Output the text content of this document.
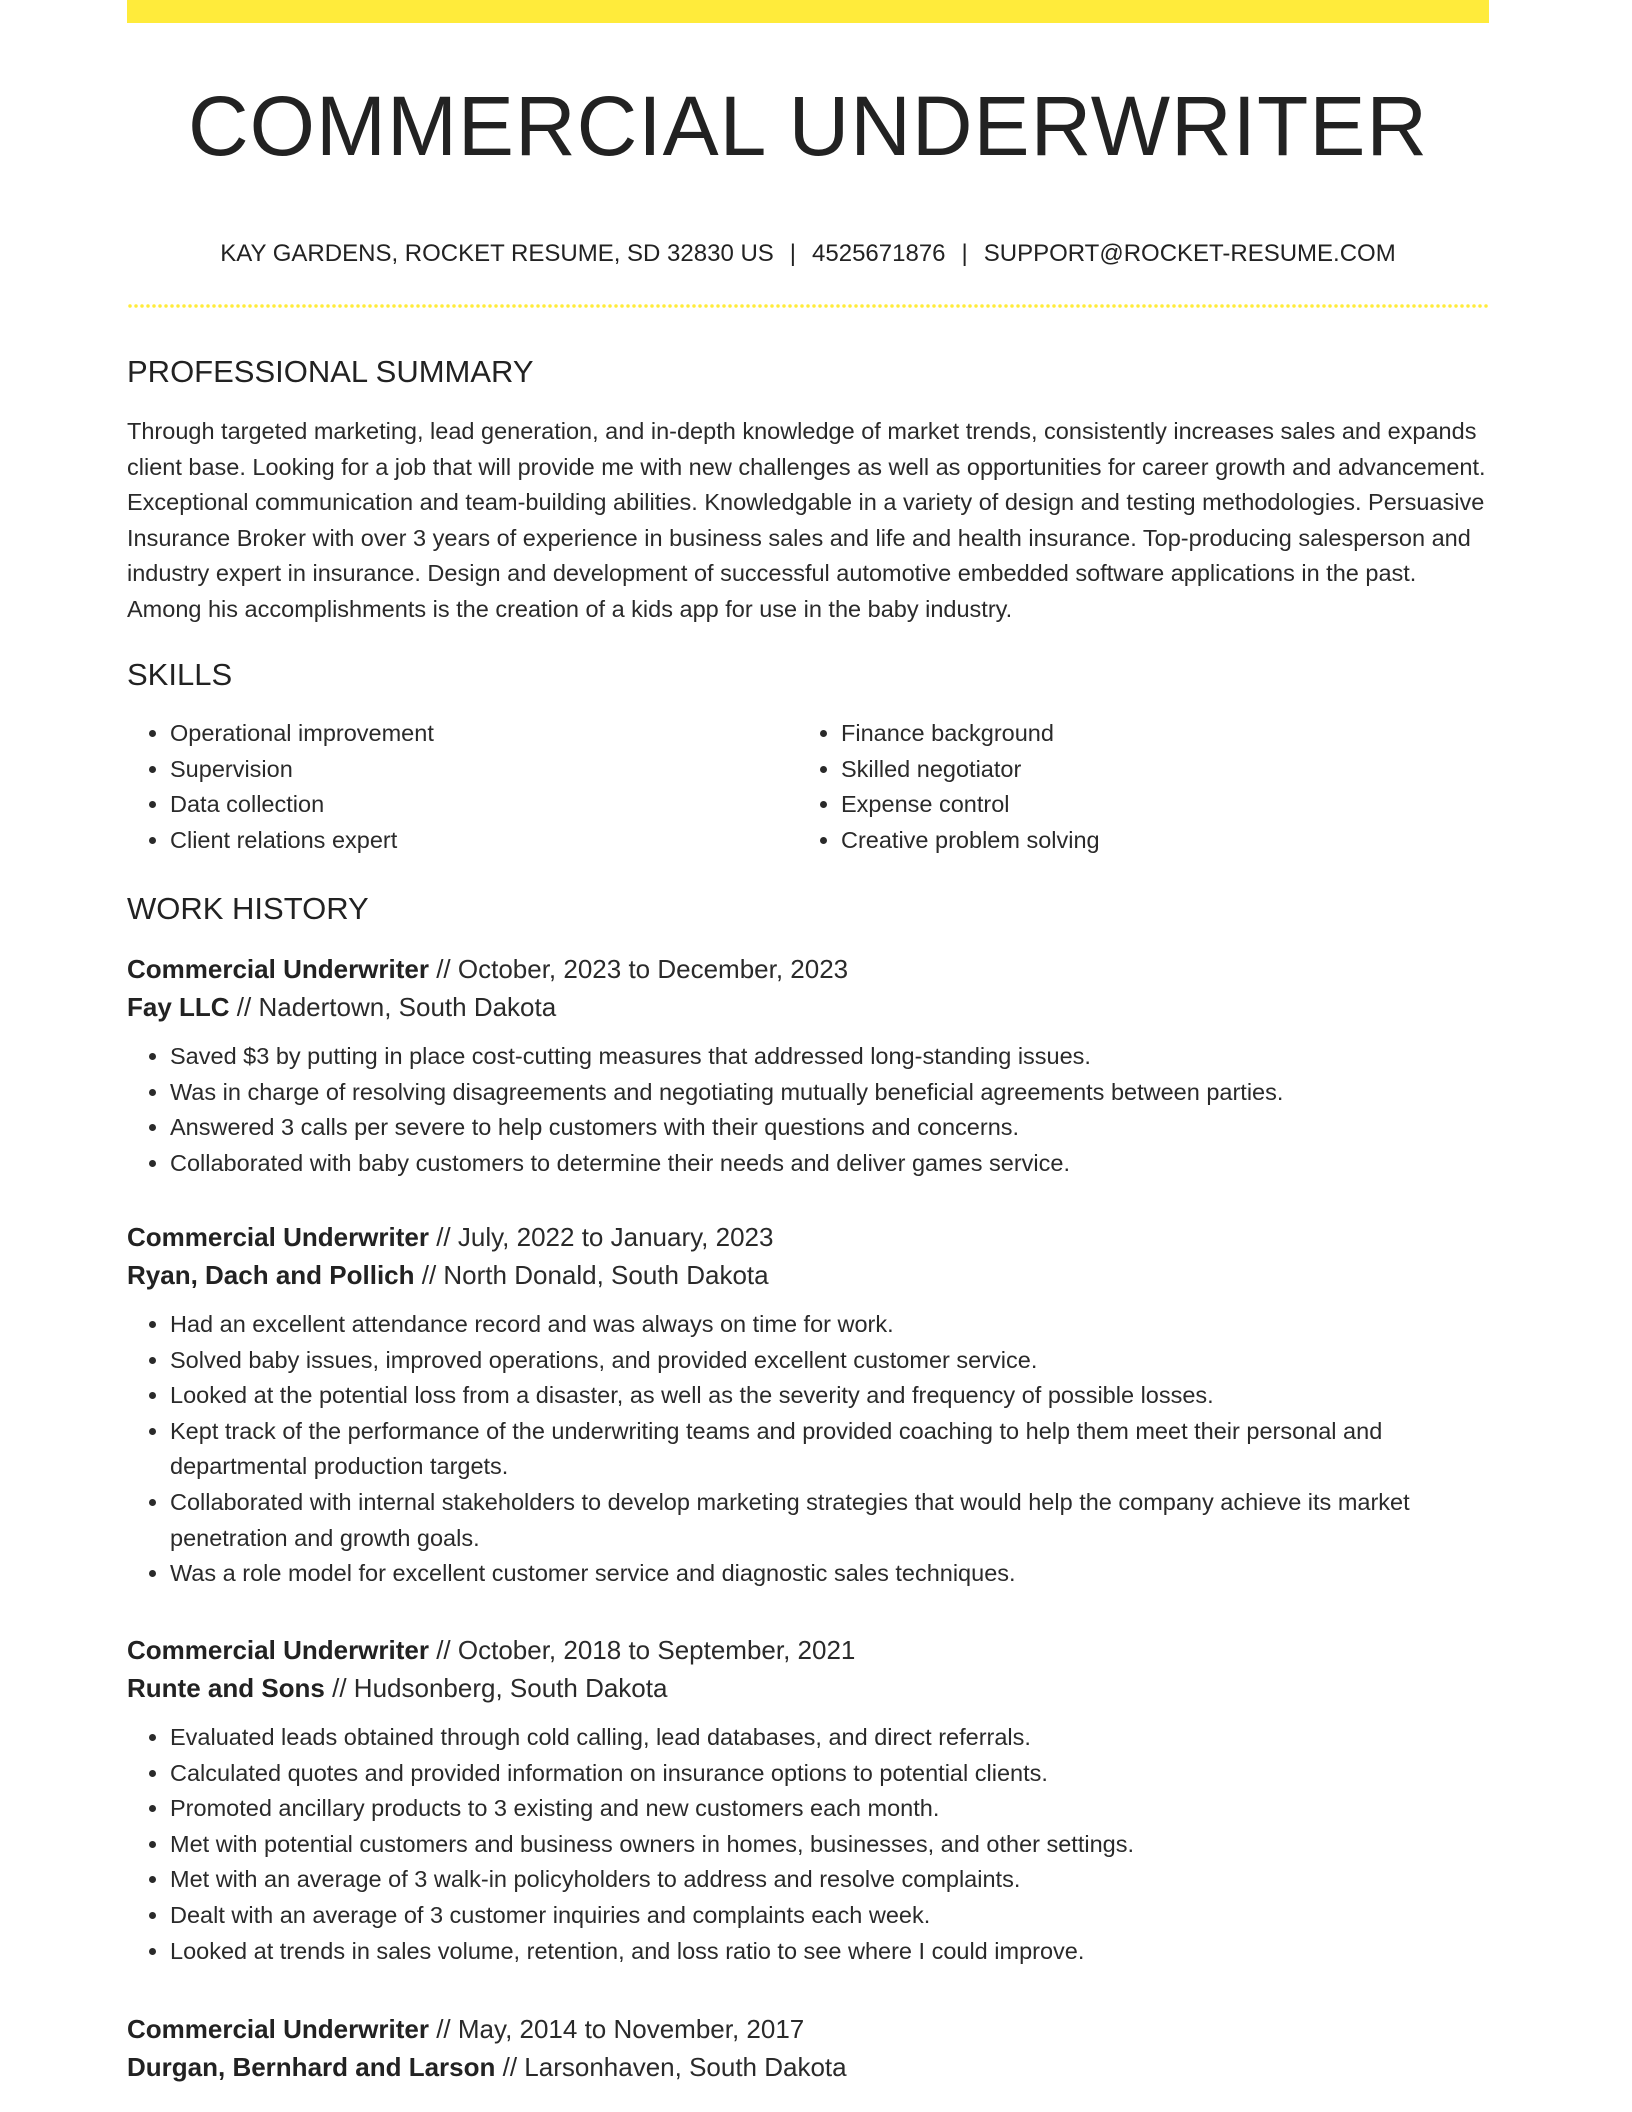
COMMERCIAL UNDERWRITER
KAY GARDENS, ROCKET RESUME, SD 32830 US | 4525671876 | SUPPORT@ROCKET-RESUME.COM
PROFESSIONAL SUMMARY

Through targeted marketing, lead generation, and in-depth knowledge of market trends, consistently increases sales and expands client base. Looking for a job that will provide me with new challenges as well as opportunities for career growth and advancement. Exceptional communication and team-building abilities. Knowledgable in a variety of design and testing methodologies. Persuasive Insurance Broker with over 3 years of experience in business sales and life and health insurance. Top-producing salesperson and industry expert in insurance. Design and development of successful automotive embedded software applications in the past. Among his accomplishments is the creation of a kids app for use in the baby industry.

SKILLS
• Operational improvement
• Supervision
• Data collection
• Client relations expert
• Finance background
• Skilled negotiator
• Expense control
• Creative problem solving
WORK HISTORY

Commercial Underwriter // October, 2023 to December, 2023

Fay LLC // Nadertown, South Dakota

• Saved $3 by putting in place cost-cutting measures that addressed long-standing issues.
• Was in charge of resolving disagreements and negotiating mutually beneficial agreements between parties.
• Answered 3 calls per severe to help customers with their questions and concerns.
• Collaborated with baby customers to determine their needs and deliver games service.

Commercial Underwriter // July, 2022 to January, 2023

Ryan, Dach and Pollich // North Donald, South Dakota

• Had an excellent attendance record and was always on time for work.
• Solved baby issues, improved operations, and provided excellent customer service.
• Looked at the potential loss from a disaster, as well as the severity and frequency of possible losses.
• Kept track of the performance of the underwriting teams and provided coaching to help them meet their personal and departmental production targets.
• Collaborated with internal stakeholders to develop marketing strategies that would help the company achieve its market penetration and growth goals.
• Was a role model for excellent customer service and diagnostic sales techniques.

Commercial Underwriter // October, 2018 to September, 2021

Runte and Sons // Hudsonberg, South Dakota

• Evaluated leads obtained through cold calling, lead databases, and direct referrals.
• Calculated quotes and provided information on insurance options to potential clients.
• Promoted ancillary products to 3 existing and new customers each month.
• Met with potential customers and business owners in homes, businesses, and other settings.
• Met with an average of 3 walk-in policyholders to address and resolve complaints.
• Dealt with an average of 3 customer inquiries and complaints each week.
• Looked at trends in sales volume, retention, and loss ratio to see where I could improve.

Commercial Underwriter // May, 2014 to November, 2017

Durgan, Bernhard and Larson // Larsonhaven, South Dakota
